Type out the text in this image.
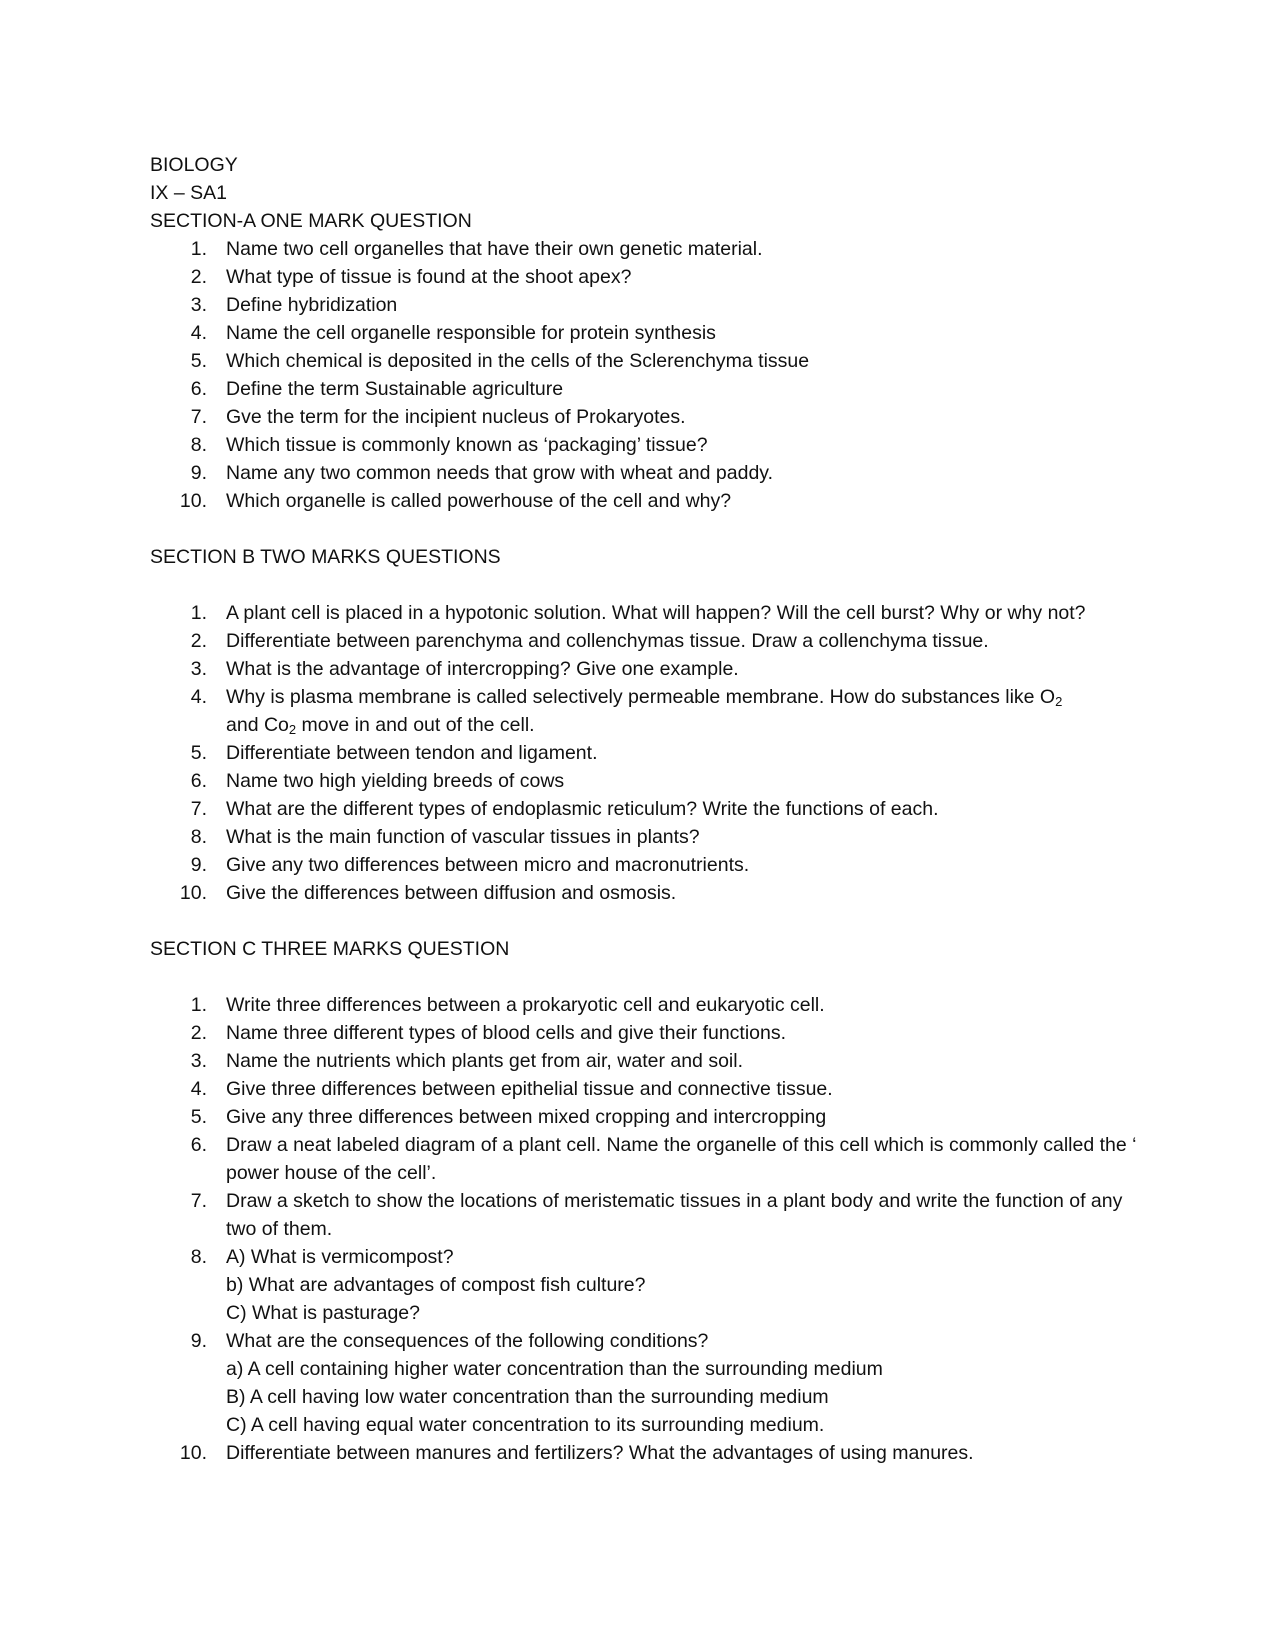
BIOLOGY
IX – SA1
SECTION-A ONE MARK QUESTION
1. Name two cell organelles that have their own genetic material.
2. What type of tissue is found at the shoot apex?
3. Define hybridization
4. Name the cell organelle responsible for protein synthesis
5. Which chemical is deposited in the cells of the Sclerenchyma tissue
6. Define the term Sustainable agriculture
7. Gve the term for the incipient nucleus of Prokaryotes.
8. Which tissue is commonly known as ‘packaging’ tissue?
9. Name any two common needs that grow with wheat and paddy.
10. Which organelle is called powerhouse of the cell and why?
SECTION B TWO MARKS QUESTIONS
1. A plant cell is placed in a hypotonic solution. What will happen? Will the cell burst? Why or why not?
2. Differentiate between parenchyma and collenchymas tissue. Draw a collenchyma tissue.
3. What is the advantage of intercropping? Give one example.
4. Why is plasma membrane is called selectively permeable membrane. How do substances like $O_2$
and $Co_2$ move in and out of the cell.
5. Differentiate between tendon and ligament.
6. Name two high yielding breeds of cows
7. What are the different types of endoplasmic reticulum? Write the functions of each.
8. What is the main function of vascular tissues in plants?
9. Give any two differences between micro and macronutrients.
10. Give the differences between diffusion and osmosis.
SECTION C THREE MARKS QUESTION
1. Write three differences between a prokaryotic cell and eukaryotic cell.
2. Name three different types of blood cells and give their functions.
3. Name the nutrients which plants get from air, water and soil.
4. Give three differences between epithelial tissue and connective tissue.
5. Give any three differences between mixed cropping and intercropping
6. Draw a neat labeled diagram of a plant cell. Name the organelle of this cell which is commonly called the ‘ power house of the cell’.
7. Draw a sketch to show the locations of meristematic tissues in a plant body and write the function of any two of them.
8. A) What is vermicompost?
b) What are advantages of compost fish culture?
C) What is pasturage?
9. What are the consequences of the following conditions?
a) A cell containing higher water concentration than the surrounding medium
B) A cell having low water concentration than the surrounding medium
C) A cell having equal water concentration to its surrounding medium.
10. Differentiate between manures and fertilizers? What the advantages of using manures.
